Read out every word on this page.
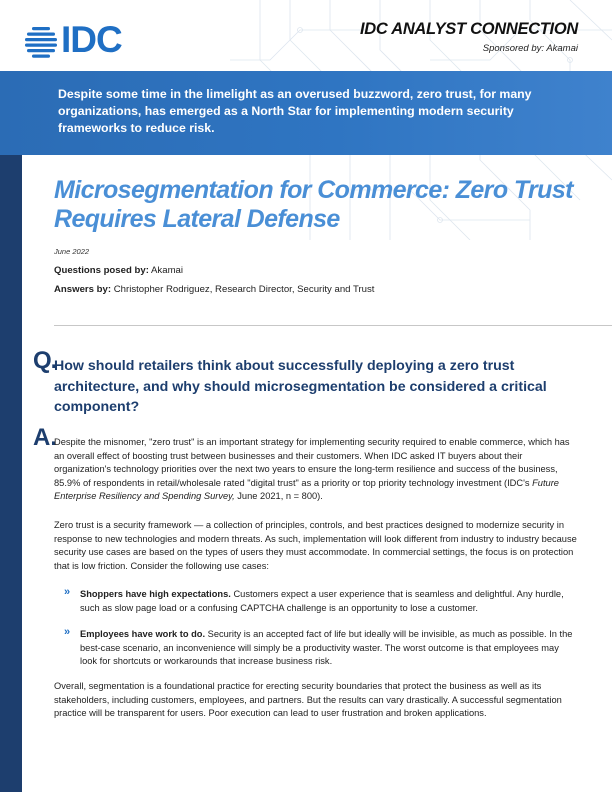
IDC	IDC ANALYST CONNECTION
Sponsored by: Akamai
Despite some time in the limelight as an overused buzzword, zero trust, for many organizations, has emerged as a North Star for implementing modern security frameworks to reduce risk.
Microsegmentation for Commerce: Zero Trust Requires Lateral Defense
June 2022
Questions posed by: Akamai
Answers by: Christopher Rodriguez, Research Director, Security and Trust
Q.
How should retailers think about successfully deploying a zero trust architecture, and why should microsegmentation be considered a critical component?
A.

Despite the misnomer, "zero trust" is an important strategy for implementing security required to enable commerce, which has an overall effect of boosting trust between businesses and their customers. When IDC asked IT buyers about their organization's technology priorities over the next two years to ensure the long-term resilience and success of the business, 85.9% of respondents in retail/wholesale rated "digital trust" as a priority or top priority technology investment (IDC's Future Enterprise Resiliency and Spending Survey, June 2021, n = 800).

Zero trust is a security framework — a collection of principles, controls, and best practices designed to modernize security in response to new technologies and modern threats. As such, implementation will look different from industry to industry because security use cases are based on the types of users they must accommodate. In commercial settings, the focus is on protection that is low friction. Consider the following use cases:

» Shoppers have high expectations. Customers expect a user experience that is seamless and delightful. Any hurdle, such as slow page load or a confusing CAPTCHA challenge is an opportunity to lose a customer.

» Employees have work to do. Security is an accepted fact of life but ideally will be invisible, as much as possible. In the best-case scenario, an inconvenience will simply be a productivity waster. The worst outcome is that employees may look for shortcuts or workarounds that increase business risk.

Overall, segmentation is a foundational practice for erecting security boundaries that protect the business as well as its stakeholders, including customers, employees, and partners. But the results can vary drastically. A successful segmentation practice will be transparent for users. Poor execution can lead to user frustration and broken applications.
